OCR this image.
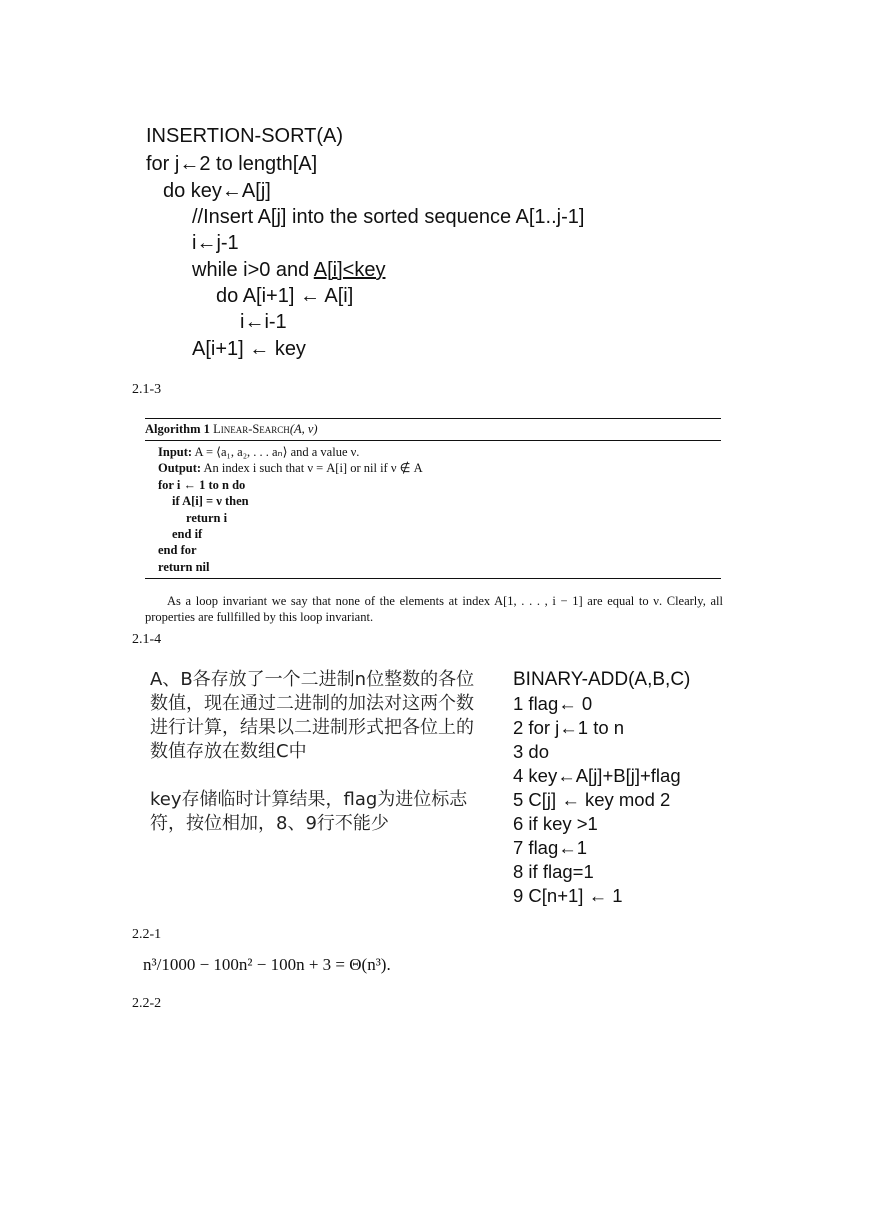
INSERTION-SORT(A)
for j←2 to length[A]
do key←A[j]
//Insert A[j] into the sorted sequence A[1..j-1]
i←j-1
while i>0 and A[i]<key
do A[i+1] ← A[i]
i←i-1
A[i+1] ← key
2.1-3
Algorithm 1 Linear-Search(A, ν)
Input: A = ⟨a₁, a₂, . . . aₙ⟩ and a value ν.
Output: An index i such that ν = A[i] or nil if ν ∉ A
for i ← 1 to n do
if A[i] = ν then
return i
end if
end for
return nil
As a loop invariant we say that none of the elements at index A[1, . . . , i − 1] are equal to ν. Clearly, all properties are fullfilled by this loop invariant.
2.1-4

A、B各存放了一个二进制n位整数的各位数值，现在通过二进制的加法对这两个数进行计算，结果以二进制形式把各位上的数值存放在数组C中

key存储临时计算结果，flag为进位标志符，按位相加，8、9行不能少

BINARY-ADD(A,B,C)
1 flag← 0
2 for j←1 to n
3 do
4 key←A[j]+B[j]+flag
5 C[j] ← key mod 2
6 if key >1
7 flag←1
8 if flag=1
9 C[n+1] ← 1
2.2-1
n³/1000 − 100n² − 100n + 3 = Θ(n³).
2.2-2
